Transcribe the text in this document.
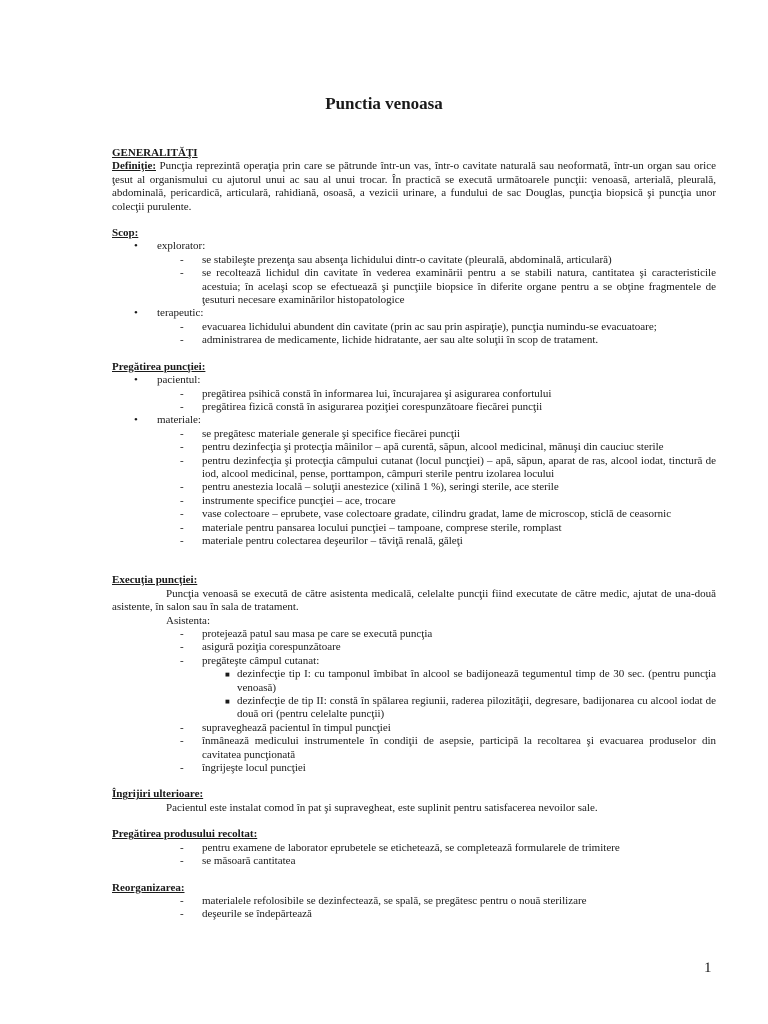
Punctia venoasa
GENERALITĂŢI
Definiţie: Puncţia reprezintă operaţia prin care se pătrunde într-un vas, într-o cavitate naturală sau neoformată, într-un organ sau orice ţesut al organismului cu ajutorul unui ac sau al unui trocar. În practică se execută următoarele puncţii: venoasă, arterială, pleurală, abdominală, pericardică, articulară, rahidiană, osoasă, a vezicii urinare, a fundului de sac Douglas, puncţia biopsică şi puncţia unor colecţii purulente.
Scop:
• explorator:
- se stabileşte prezenţa sau absenţa lichidului dintr-o cavitate (pleurală, abdominală, articulară)
- se recoltează lichidul din cavitate în vederea examinării pentru a se stabili natura, cantitatea şi caracteristicile acestuia; în acelaşi scop se efectuează şi puncţiile biopsice în diferite organe pentru a se obţine fragmentele de ţesuturi necesare examinărilor histopatologice
• terapeutic:
- evacuarea lichidului abundent din cavitate (prin ac sau prin aspiraţie), puncţia numindu-se evacuatoare;
- administrarea de medicamente, lichide hidratante, aer sau alte soluţii în scop de tratament.
Pregătirea puncţiei:
• pacientul:
- pregătirea psihică constă în informarea lui, încurajarea şi asigurarea confortului
- pregătirea fizică constă în asigurarea poziţiei corespunzătoare fiecărei puncţii
• materiale:
- se pregătesc materiale generale şi specifice fiecărei puncţii
- pentru dezinfecţia şi protecţia mâinilor – apă curentă, săpun, alcool medicinal, mănuşi din cauciuc sterile
- pentru dezinfecţia şi protecţia câmpului cutanat (locul puncţiei) – apă, săpun, aparat de ras, alcool iodat, tinctură de iod, alcool medicinal, pense, porttampon, câmpuri sterile pentru izolarea locului
- pentru anestezia locală – soluţii anestezice (xilină 1 %), seringi sterile, ace sterile
- instrumente specifice puncţiei – ace, trocare
- vase colectoare – eprubete, vase colectoare gradate, cilindru gradat, lame de microscop, sticlă de ceasornic
- materiale pentru pansarea locului puncţiei – tampoane, comprese sterile, romplast
- materiale pentru colectarea deşeurilor – tăviţă renală, găleţi
Execuţia puncţiei:
Puncţia venoasă se execută de către asistenta medicală, celelalte puncţii fiind executate de către medic, ajutat de una-două asistente, în salon sau în sala de tratament.
Asistenta:
- protejează patul sau masa pe care se execută puncţia
- asigură poziţia corespunzătoare
- pregăteşte câmpul cutanat:
■ dezinfecţie tip I: cu tamponul îmbibat în alcool se badijonează tegumentul timp de 30 sec. (pentru puncţia venoasă)
■ dezinfecţie de tip II: constă în spălarea regiunii, raderea pilozităţii, degresare, badijonarea cu alcool iodat de două ori (pentru celelalte puncţii)
- supraveghează pacientul în timpul puncţiei
- înmânează medicului instrumentele în condiţii de asepsie, participă la recoltarea şi evacuarea produselor din cavitatea puncţionată
- îngrijeşte locul puncţiei
Îngrijiri ulterioare:
Pacientul este instalat comod în pat şi supravegheat, este suplinit pentru satisfacerea nevoilor sale.
Pregătirea produsului recoltat:
- pentru examene de laborator eprubetele se etichetează, se completează formularele de trimitere
- se măsoară cantitatea
Reorganizarea:
- materialele refolosibile se dezinfectează, se spală, se pregătesc pentru o nouă sterilizare
- deşeurile se îndepărtează
1
